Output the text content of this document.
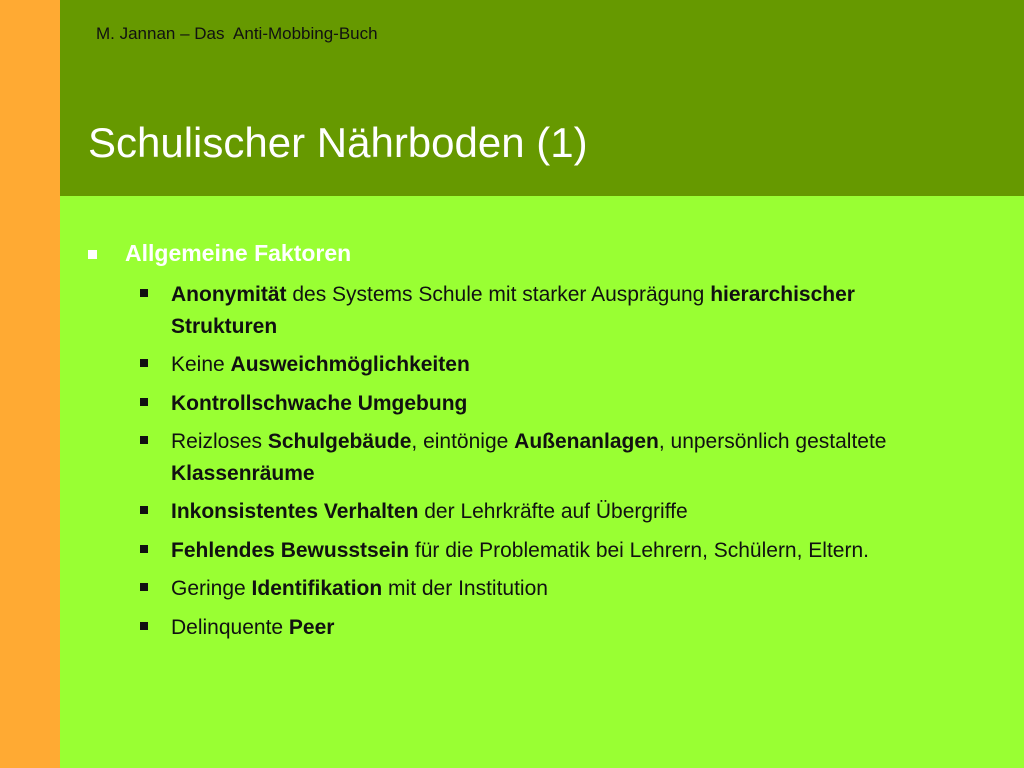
M. Jannan – Das  Anti-Mobbing-Buch
Schulischer Nährboden (1)
Allgemeine Faktoren
Anonymität des Systems Schule mit starker Ausprägung hierarchischer Strukturen
Keine Ausweichmöglichkeiten
Kontrollschwache Umgebung
Reizloses Schulgebäude, eintönige Außenanlagen, unpersönlich gestaltete Klassenräume
Inkonsistentes Verhalten der Lehrkräfte auf Übergriffe
Fehlendes Bewusstsein für die Problematik bei Lehrern, Schülern, Eltern.
Geringe Identifikation mit der Institution
Delinquente Peer
